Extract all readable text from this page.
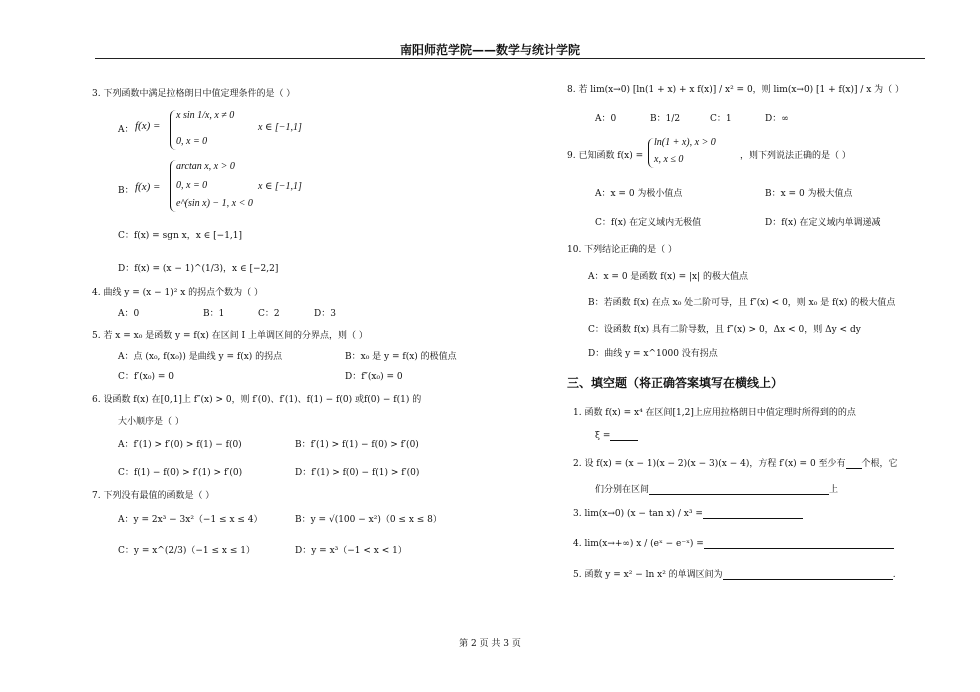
南阳师范学院——数学与统计学院
3. 下列函数中满足拉格朗日中值定理条件的是（ ）
A： f(x) =
x sin 1/x, x ≠ 0
0, x = 0
x ∈ [−1,1]
B： f(x) =
arctan x, x > 0
0, x = 0
e^(sin x) − 1, x < 0
x ∈ [−1,1]
C：f(x) = sgn x，x ∈ [−1,1]
D：f(x) = (x − 1)^(1/3)，x ∈ [−2,2]
4. 曲线 y = (x − 1)² x 的拐点个数为（ ）
A：0	B：1	C：2	D：3
5. 若 x = x₀ 是函数 y = f(x) 在区间 I 上单调区间的分界点，则（ ）
A：点 (x₀, f(x₀)) 是曲线 y = f(x) 的拐点	B：x₀ 是 y = f(x) 的极值点
C：f′(x₀) = 0	D：f″(x₀) = 0
6. 设函数 f(x) 在[0,1]上 f″(x) > 0，则 f′(0)、f′(1)、f(1) − f(0) 或f(0) − f(1) 的
大小顺序是（ ）
A：f′(1) > f′(0) > f(1) − f(0)	B：f′(1) > f(1) − f(0) > f′(0)
C：f(1) − f(0) > f′(1) > f′(0)	D：f′(1) > f(0) − f(1) > f′(0)
7. 下列没有最值的函数是（ ）
A：y = 2x³ − 3x²（−1 ≤ x ≤ 4）	B：y = √(100 − x²)（0 ≤ x ≤ 8）
C：y = x^(2/3)（−1 ≤ x ≤ 1）	D：y = x³（−1 < x < 1）
8. 若 lim(x→0) [ln(1 + x) + x f(x)] / x² = 0，则 lim(x→0) [1 + f(x)] / x 为（ ）
A：0	B：1/2	C：1	D：∞
9. 已知函数 f(x) =
ln(1 + x), x > 0
x, x ≤ 0	，则下列说法正确的是（ ）
A：x = 0 为极小值点	B：x = 0 为极大值点
C：f(x) 在定义域内无极值	D：f(x) 在定义域内单调递减
10. 下列结论正确的是（ ）
A：x = 0 是函数 f(x) = |x| 的极大值点
B：若函数 f(x) 在点 x₀ 处二阶可导，且 f″(x) < 0，则 x₀ 是 f(x) 的极大值点
C：设函数 f(x) 具有二阶导数，且 f″(x) > 0，Δx < 0，则 Δy < dy
D：曲线 y = x^1000 没有拐点
三、填空题（将正确答案填写在横线上）
1. 函数 f(x) = x⁴ 在区间[1,2]上应用拉格朗日中值定理时所得到的的点
ξ =
2. 设 f(x) = (x − 1)(x − 2)(x − 3)(x − 4)，方程 f′(x) = 0 至少有 个根，它
们分别在区间	上
3. lim(x→0) (x − tan x) / x³ =
4. lim(x→+∞) x / (eˣ − e⁻ˣ) =
5. 函数 y = x² − ln x² 的单调区间为	.
第 2 页 共 3 页
